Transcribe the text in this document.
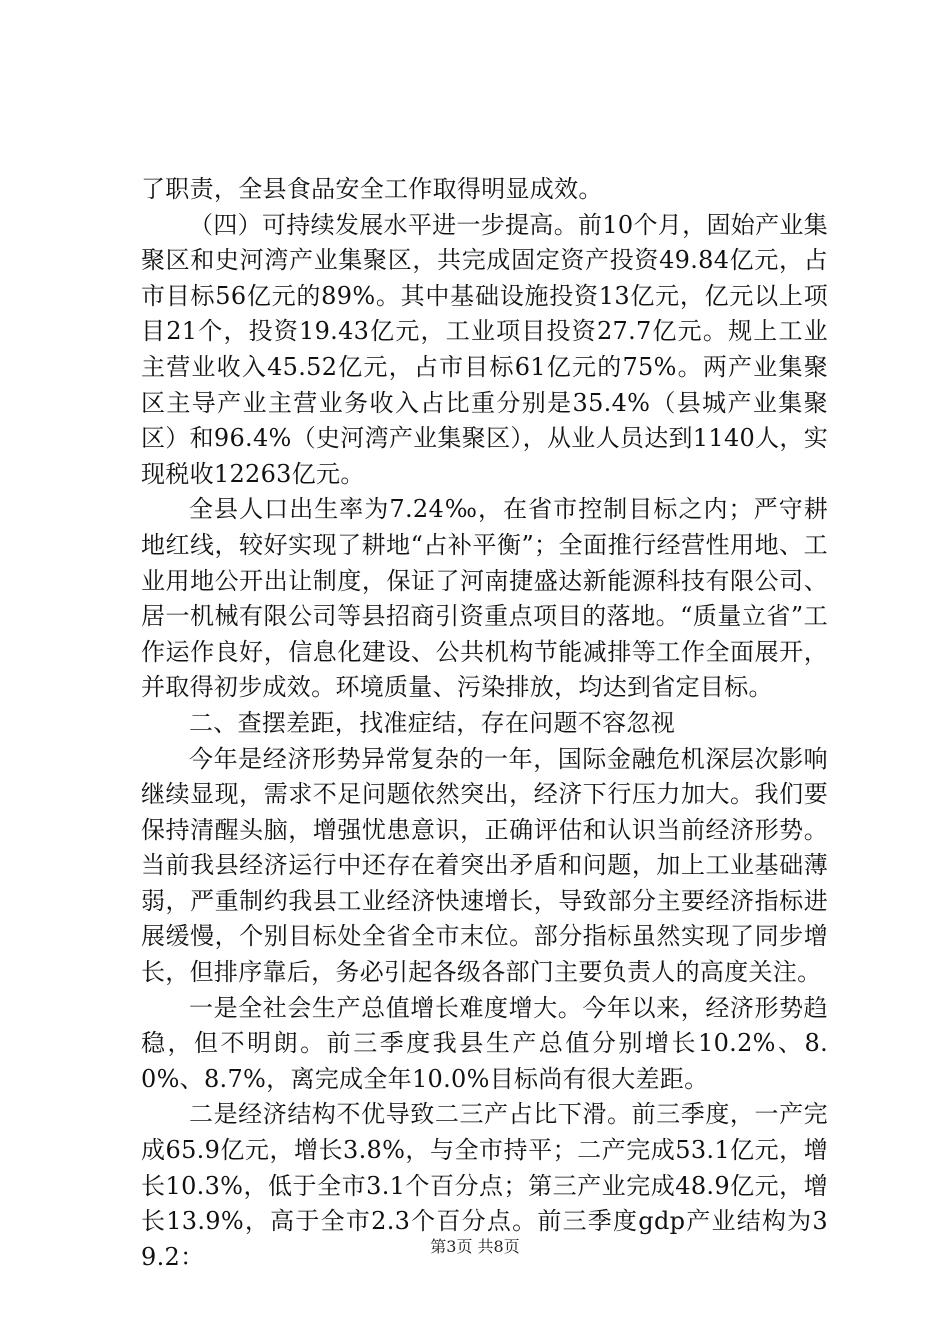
了职责，全县食品安全工作取得明显成效。

（四）可持续发展水平进一步提高。前10个月，固始产业集聚区和史河湾产业集聚区，共完成固定资产投资49.84亿元，占市目标56亿元的89%。其中基础设施投资13亿元，亿元以上项目21个，投资19.43亿元，工业项目投资27.7亿元。规上工业主营业收入45.52亿元，占市目标61亿元的75%。两产业集聚区主导产业主营业务收入占比重分别是35.4%（县城产业集聚区）和96.4%（史河湾产业集聚区），从业人员达到1140人，实现税收12263亿元。

全县人口出生率为7.24‰，在省市控制目标之内；严守耕地红线，较好实现了耕地“占补平衡”；全面推行经营性用地、工业用地公开出让制度，保证了河南捷盛达新能源科技有限公司、居一机械有限公司等县招商引资重点项目的落地。“质量立省”工作运作良好，信息化建设、公共机构节能减排等工作全面展开，并取得初步成效。环境质量、污染排放，均达到省定目标。

二、查摆差距，找准症结，存在问题不容忽视

今年是经济形势异常复杂的一年，国际金融危机深层次影响继续显现，需求不足问题依然突出，经济下行压力加大。我们要保持清醒头脑，增强忧患意识，正确评估和认识当前经济形势。当前我县经济运行中还存在着突出矛盾和问题，加上工业基础薄弱，严重制约我县工业经济快速增长，导致部分主要经济指标进展缓慢，个别目标处全省全市末位。部分指标虽然实现了同步增长，但排序靠后，务必引起各级各部门主要负责人的高度关注。

一是全社会生产总值增长难度增大。今年以来，经济形势趋稳，但不明朗。前三季度我县生产总值分别增长10.2%、8.0%、8.7%，离完成全年10.0%目标尚有很大差距。

二是经济结构不优导致二三产占比下滑。前三季度，一产完成65.9亿元，增长3.8%，与全市持平；二产完成53.1亿元，增长10.3%，低于全市3.1个百分点；第三产业完成48.9亿元，增长13.9%，高于全市2.3个百分点。前三季度gdp产业结构为39.2：	第3页 共8页
